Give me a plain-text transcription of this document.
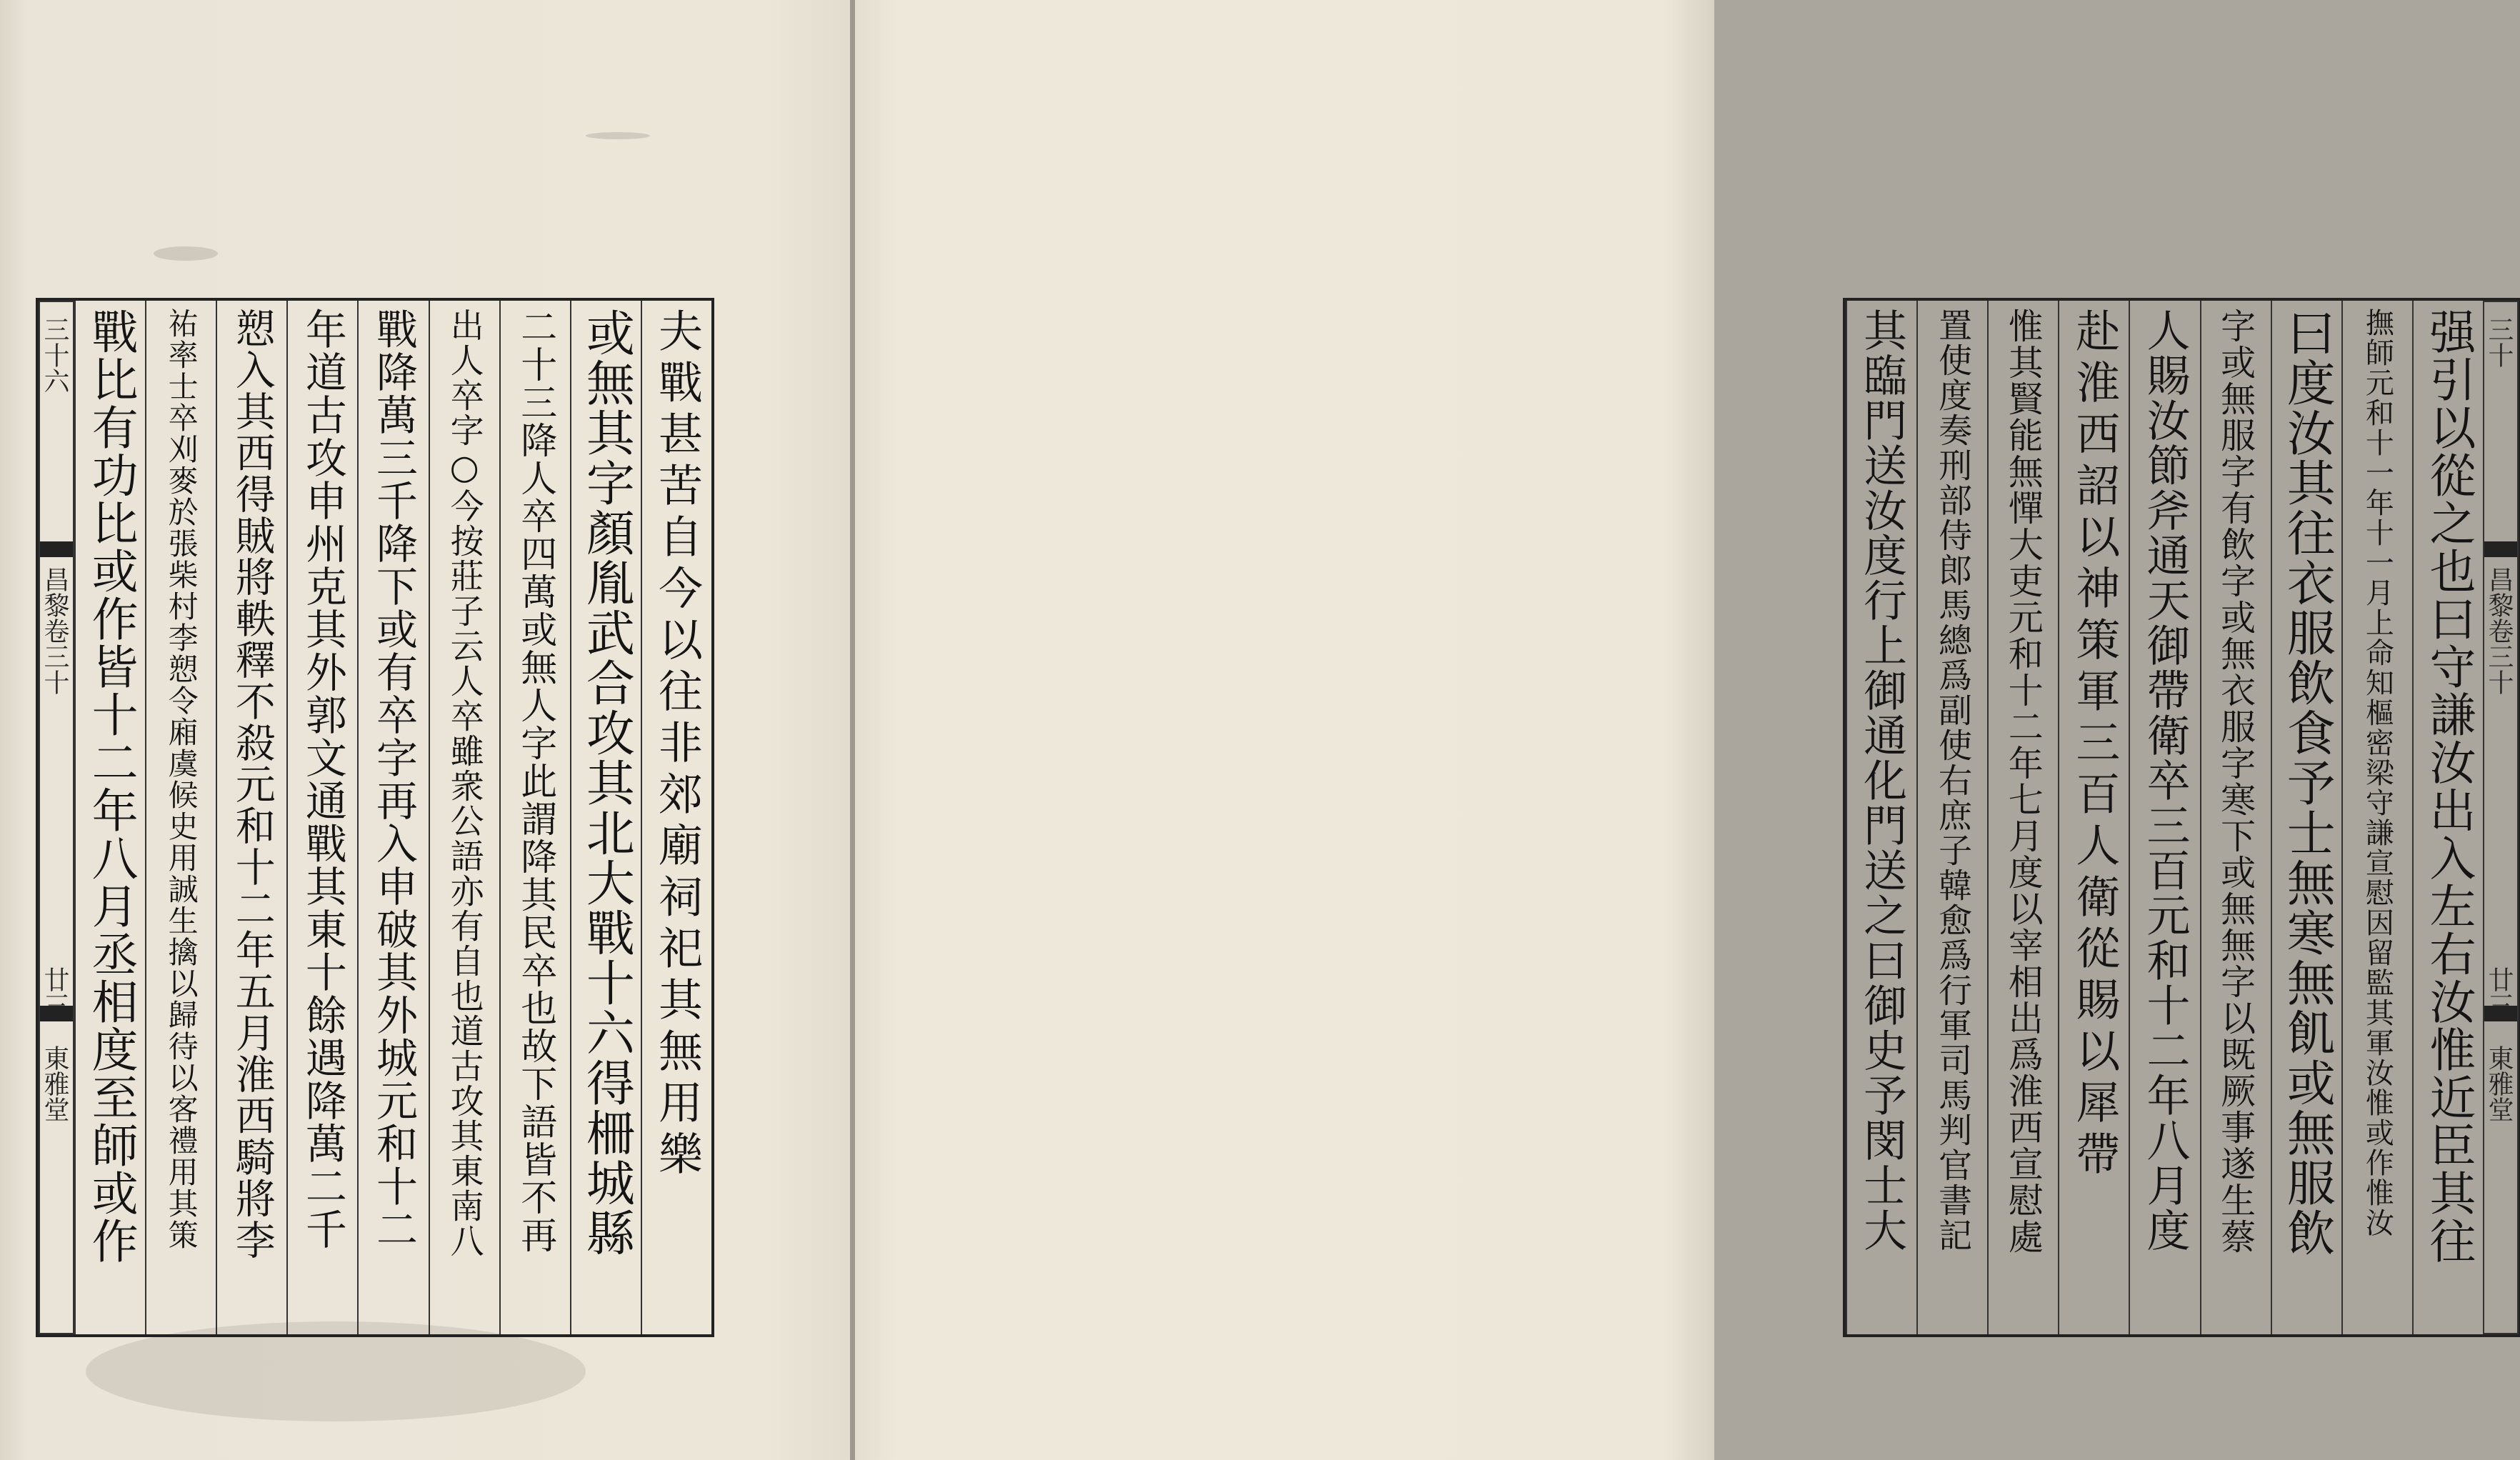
三十六
昌黎卷三十
廿三
東雅堂	夫戰甚苦自今以往非郊廟祠祀其無用樂
或無其字顏胤武合攻其北大戰十六得柵城縣
二十三降人卒四萬或無人字此謂降其民卒也故下語皆不再
出人卒字○今按莊子云人卒雖衆公語亦有自也道古攻其東南八
戰降萬三千降下或有卒字再入申破其外城元和十二
年道古攻申州克其外郭文通戰其東十餘遇降萬二千
愬入其西得賊將軼釋不殺元和十二年五月淮西騎將李
祐率士卒刈麥於張柴村李愬令廂虞候史用誠生擒以歸待以客禮用其策
戰比有功比或作皆十二年八月丞相度至師或作	三十
昌黎卷三十
廿三
東雅堂
强引以從之也曰守謙汝出入左右汝惟近臣其往
撫師元和十一年十一月上命知樞密梁守謙宣慰因留監其軍汝惟或作惟汝
曰度汝其往衣服飲食予士無寒無飢或無服飲
字或無服字有飲字或無衣服字寒下或無無字以既厥事遂生蔡
人賜汝節斧通天御帶衛卒三百元和十二年八月度
赴淮西詔以神策軍三百人衛從賜以犀帶
惟其賢能無憚大吏元和十二年七月度以宰相出爲淮西宣慰處
置使度奏刑部侍郎馬總爲副使右庶子韓愈爲行軍司馬判官書記
其臨門送汝度行上御通化門送之曰御史予閔士大
